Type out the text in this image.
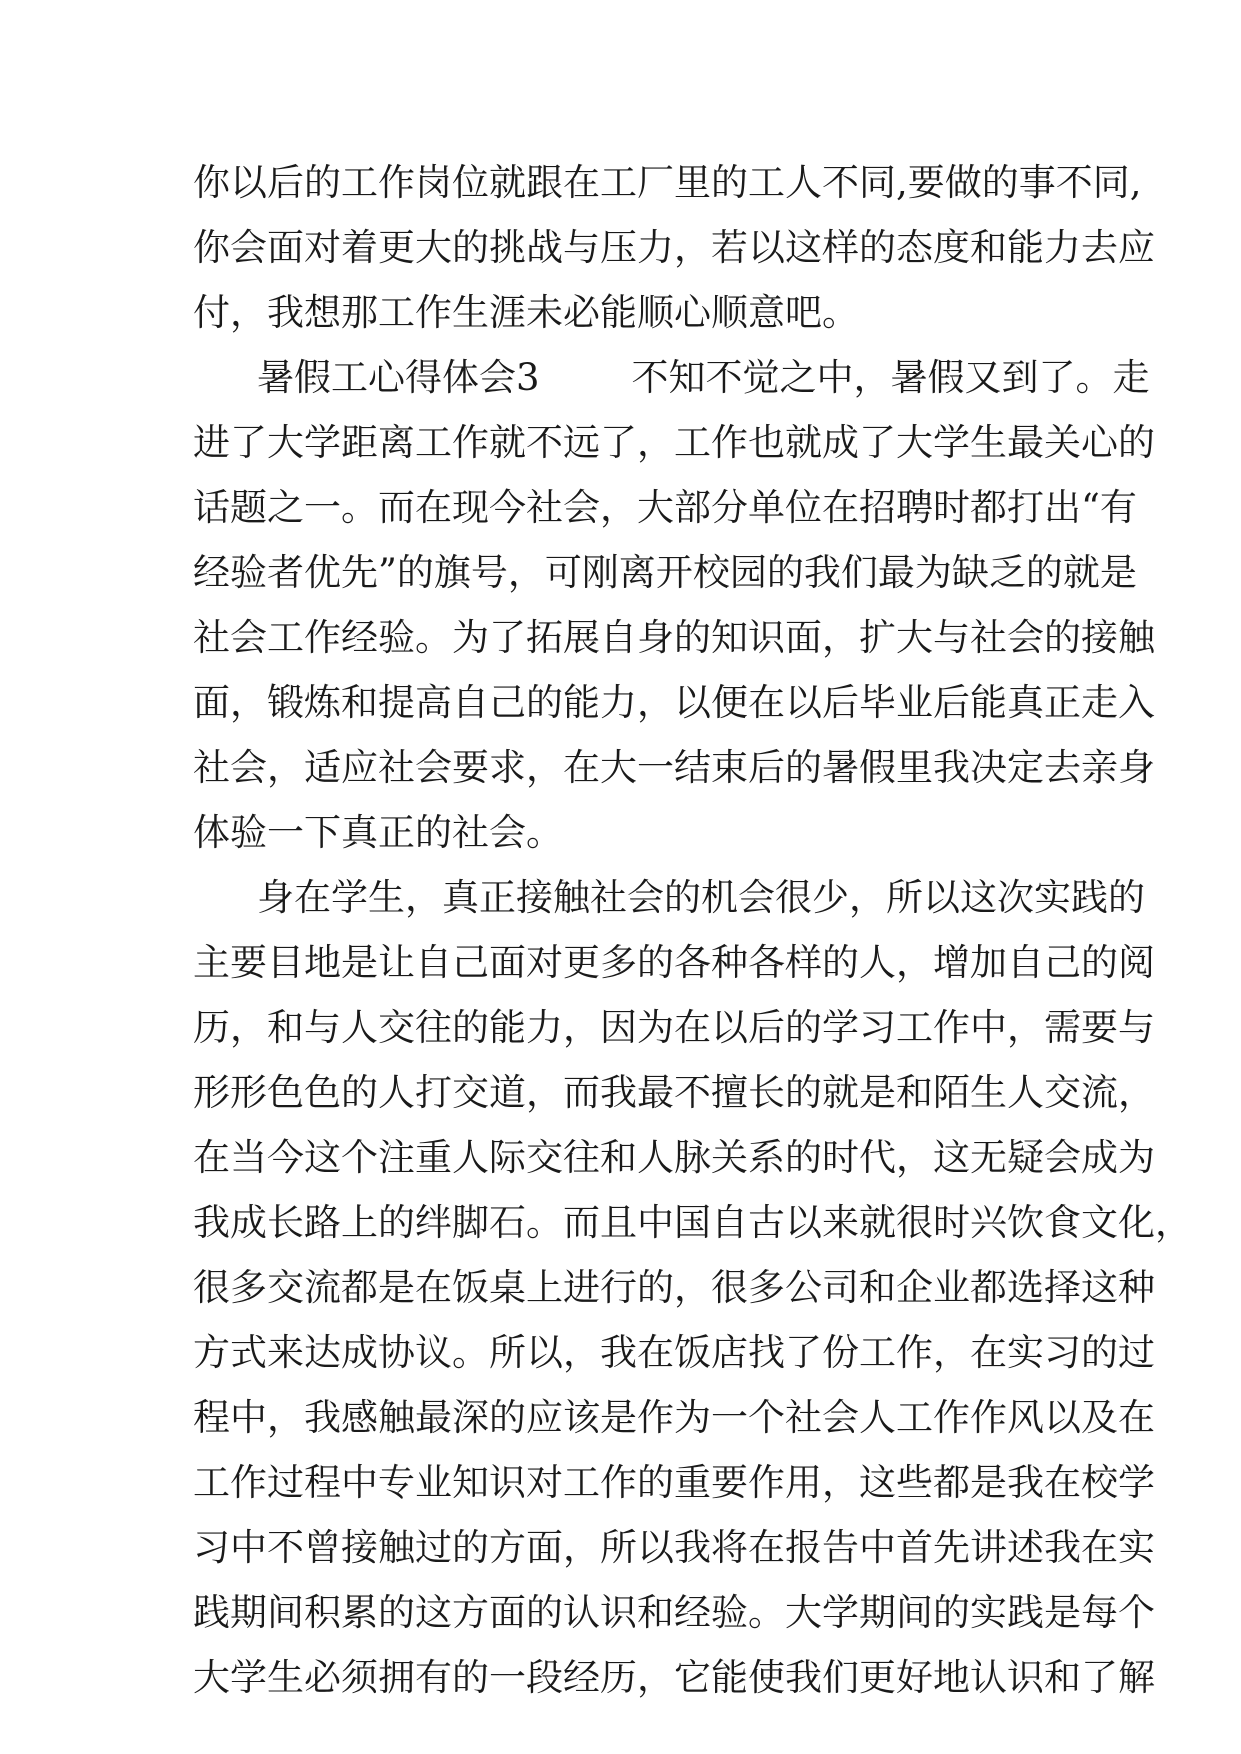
你以后的工作岗位就跟在工厂里的工人不同,要做的事不同,
你会面对着更大的挑战与压力，若以这样的态度和能力去应
付，我想那工作生涯未必能顺心顺意吧。
暑假工心得体会3 不知不觉之中，暑假又到了。走
进了大学距离工作就不远了，工作也就成了大学生最关心的
话题之一。而在现今社会，大部分单位在招聘时都打出“有
经验者优先”的旗号，可刚离开校园的我们最为缺乏的就是
社会工作经验。为了拓展自身的知识面，扩大与社会的接触
面，锻炼和提高自己的能力，以便在以后毕业后能真正走入
社会，适应社会要求，在大一结束后的暑假里我决定去亲身
体验一下真正的社会。
身在学生，真正接触社会的机会很少，所以这次实践的
主要目地是让自己面对更多的各种各样的人，增加自己的阅
历，和与人交往的能力，因为在以后的学习工作中，需要与
形形色色的人打交道，而我最不擅长的就是和陌生人交流，
在当今这个注重人际交往和人脉关系的时代，这无疑会成为
我成长路上的绊脚石。而且中国自古以来就很时兴饮食文化，
很多交流都是在饭桌上进行的，很多公司和企业都选择这种
方式来达成协议。所以，我在饭店找了份工作，在实习的过
程中，我感触最深的应该是作为一个社会人工作作风以及在
工作过程中专业知识对工作的重要作用，这些都是我在校学
习中不曾接触过的方面，所以我将在报告中首先讲述我在实
践期间积累的这方面的认识和经验。大学期间的实践是每个
大学生必须拥有的一段经历，它能使我们更好地认识和了解
